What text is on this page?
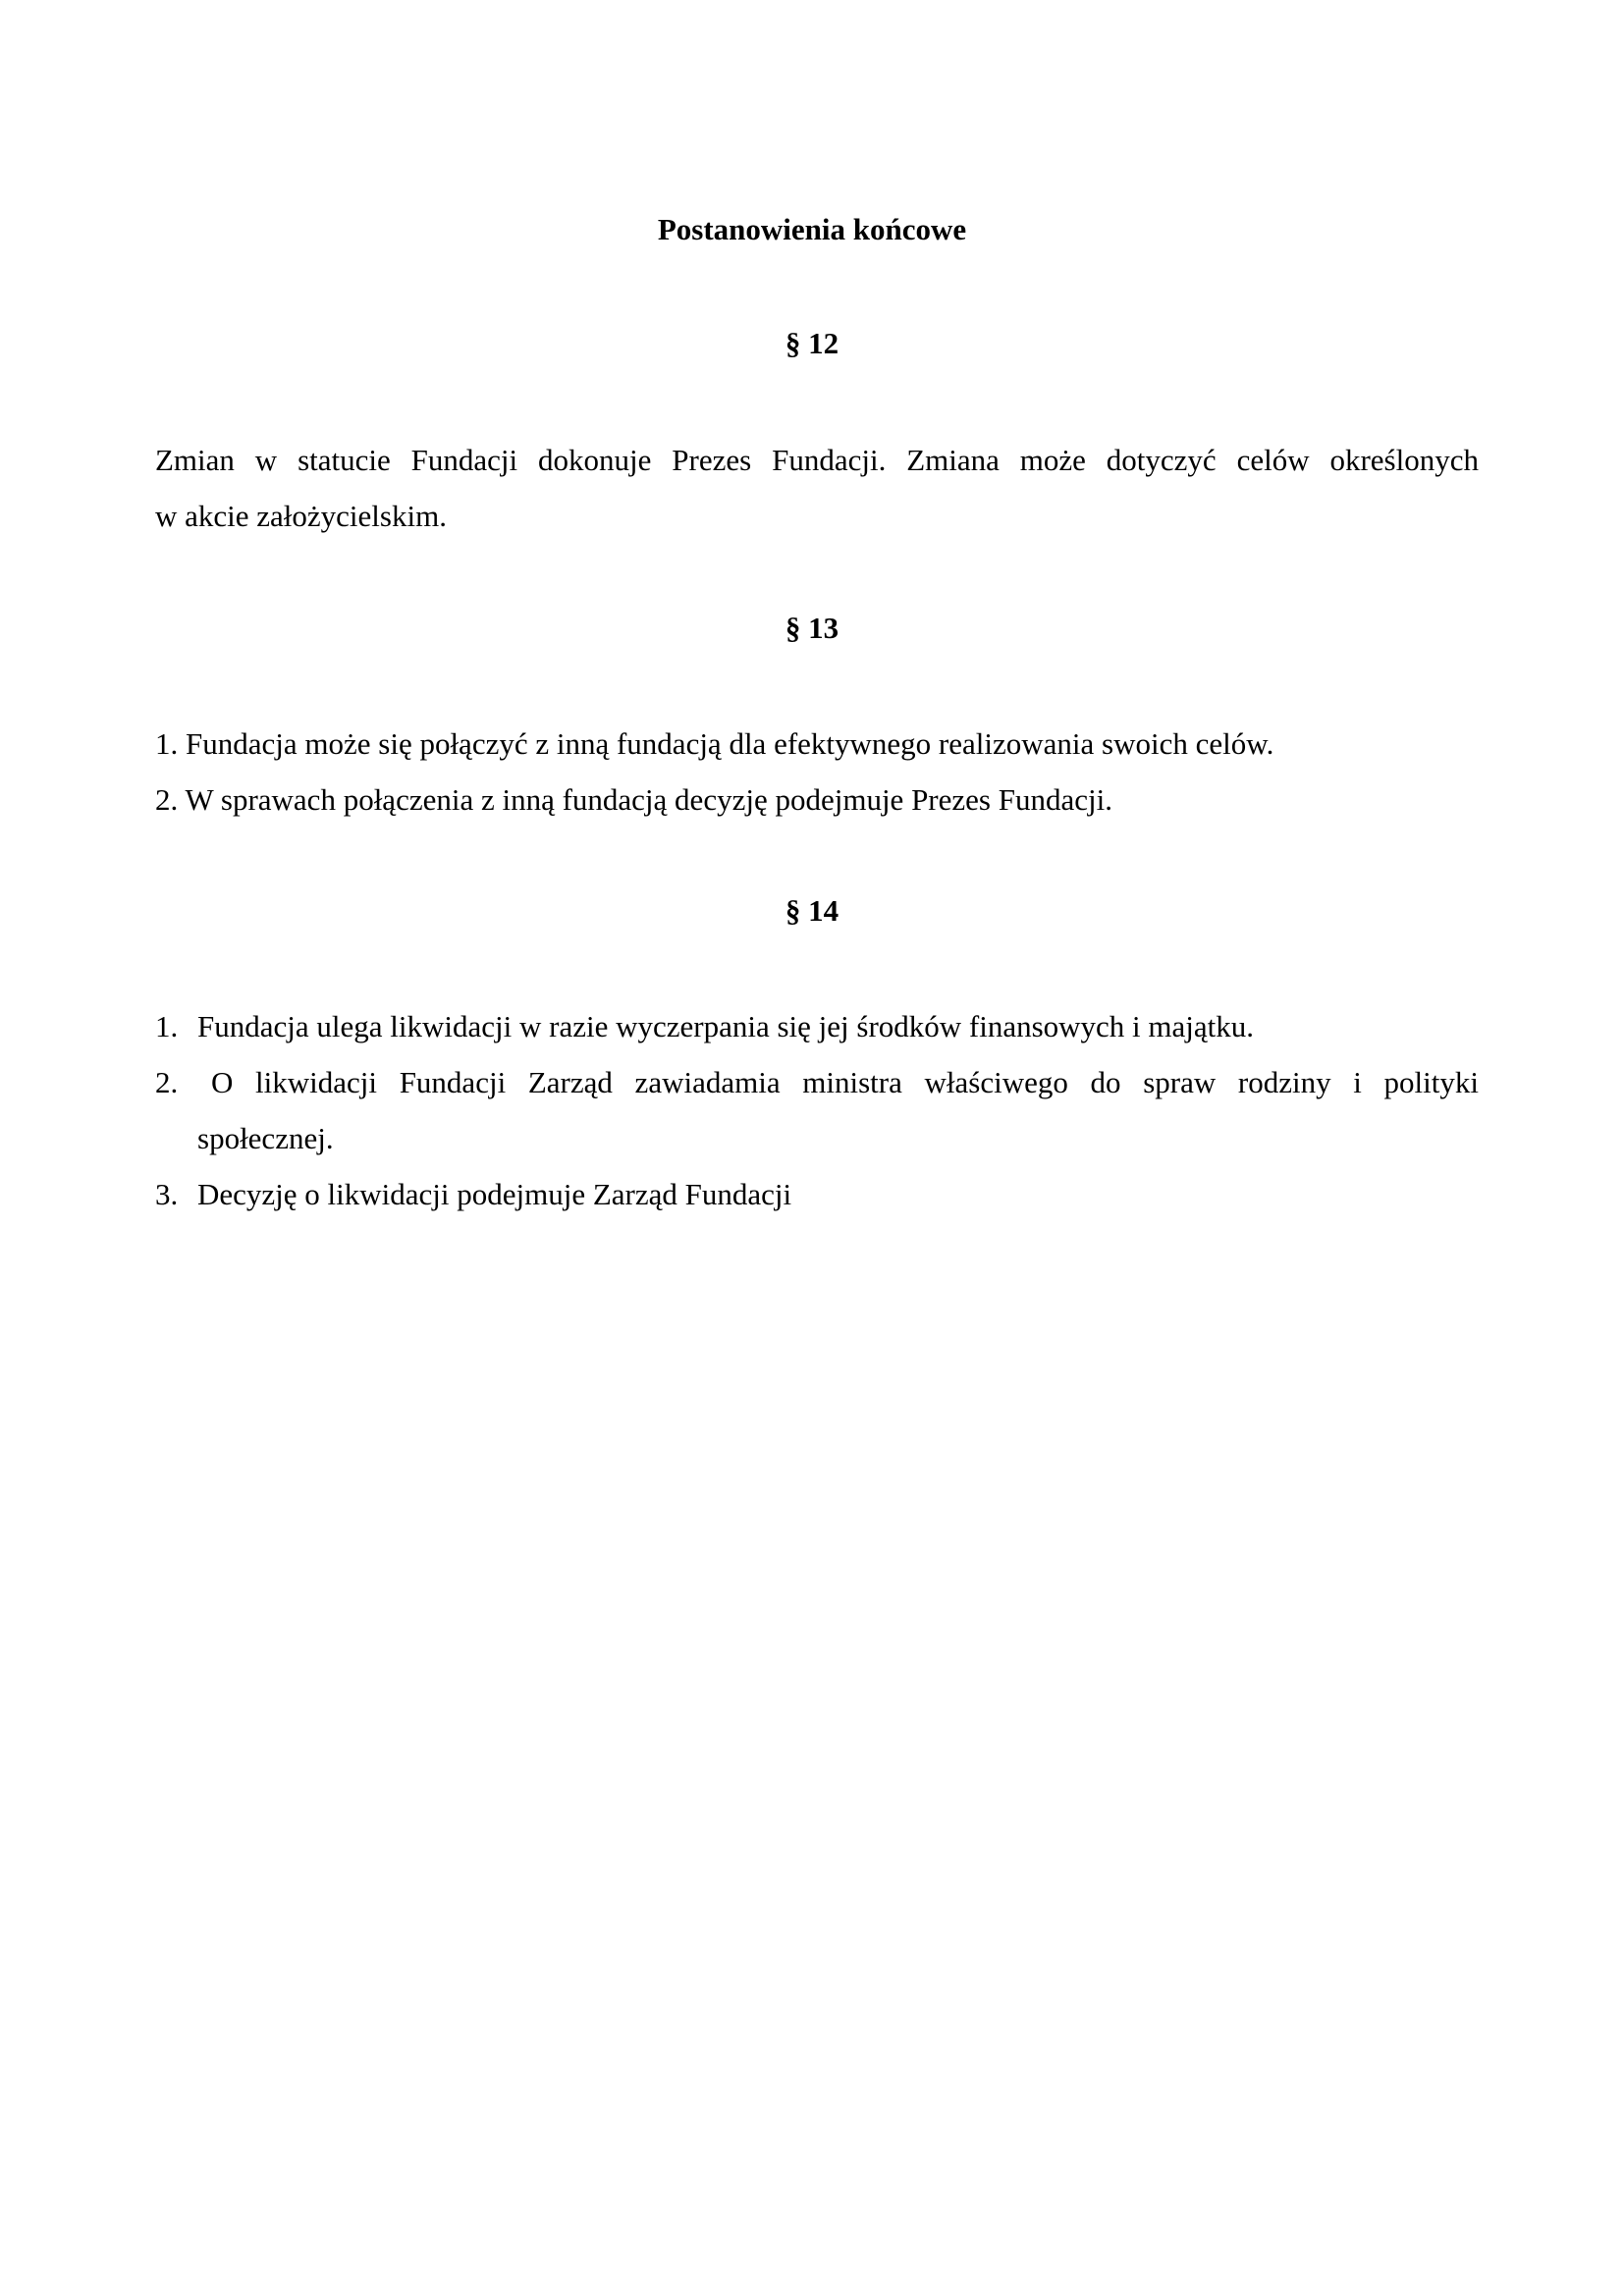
Postanowienia końcowe
§ 12
Zmian w statucie Fundacji dokonuje Prezes Fundacji. Zmiana może dotyczyć celów określonych
w akcie założycielskim.
§ 13
1. Fundacja może się połączyć z inną fundacją dla efektywnego realizowania swoich celów.
2. W sprawach połączenia z inną fundacją decyzję podejmuje Prezes Fundacji.
§ 14
1. Fundacja ulega likwidacji w razie wyczerpania się jej środków finansowych i majątku.
2.	O likwidacji Fundacji Zarząd zawiadamia ministra właściwego do spraw rodziny i polityki
społecznej.
3. Decyzję o likwidacji podejmuje Zarząd Fundacji
